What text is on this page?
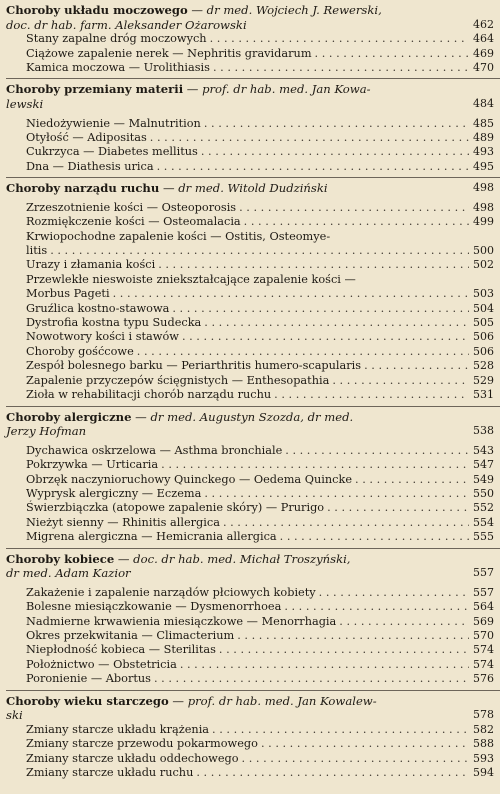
Choroby układu moczowego — dr med. Wojciech J. Rewerski,
doc. dr hab. farm. Aleksander Ożarowski	462
Stany zapalne dróg moczowych . . .	464
Ciążowe zapalenie nerek — Nephritis gravidarum . . .	469
Kamica moczowa — Urolithiasis . . .	470
Choroby przemiany materii — prof. dr hab. med. Jan Kowa-
lewski	484
Niedożywienie — Malnutrition . . .	485
Otyłość — Adipositas . . .	489
Cukrzyca — Diabetes mellitus . . .	493
Dna — Diathesis urica . . .	495
Choroby narządu ruchu — dr med. Witold Dudziński	498
Zrzeszotnienie kości — Osteoporosis . . .	498
Rozmiękczenie kości — Osteomalacia . . .	499
Krwiopochodne zapalenie kości — Ostitis, Osteomye-
litis . . .	500
Urazy i złamania kości . . .	502
Przewlekłe nieswoiste zniekształcające zapalenie kości —
Morbus Pageti . . .	503
Gruźlica kostno-stawowa . . .	504
Dystrofia kostna typu Sudecka . . .	505
Nowotwory kości i stawów . . .	506
Choroby gośćcowe . . .	506
Zespół bolesnego barku — Periarthritis humero-scapularis . . .	528
Zapalenie przyczepów ścięgnistych — Enthesopathia . . .	529
Zioła w rehabilitacji chorób narządu ruchu . . .	531
Choroby alergiczne — dr med. Augustyn Szozda, dr med.
Jerzy Hofman	538
Dychawica oskrzelowa — Asthma bronchiale . . .	543
Pokrzywka — Urticaria . . .	547
Obrzęk naczynioruchowy Quinckego — Oedema Quincke . . .	549
Wyprysk alergiczny — Eczema . . .	550
Świerzbiączka (atopowe zapalenie skóry) — Prurigo . . .	552
Nieżyt sienny — Rhinitis allergica . . .	554
Migrena alergiczna — Hemicrania allergica . . .	555
Choroby kobiece — doc. dr hab. med. Michał Troszyński,
dr med. Adam Kazior	557
Zakażenie i zapalenie narządów płciowych kobiety . . .	557
Bolesne miesiączkowanie — Dysmenorrhoea . . .	564
Nadmierne krwawienia miesiączkowe — Menorrhagia . . .	569
Okres przekwitania — Climacterium . . .	570
Niepłodność kobieca — Sterilitas . . .	574
Położnictwo — Obstetricia . . .	574
Poronienie — Abortus . . .	576
Choroby wieku starczego — prof. dr hab. med. Jan Kowalew-
ski	578
Zmiany starcze układu krążenia . . .	582
Zmiany starcze przewodu pokarmowego . . .	588
Zmiany starcze układu oddechowego . . .	593
Zmiany starcze układu ruchu . . .	594
